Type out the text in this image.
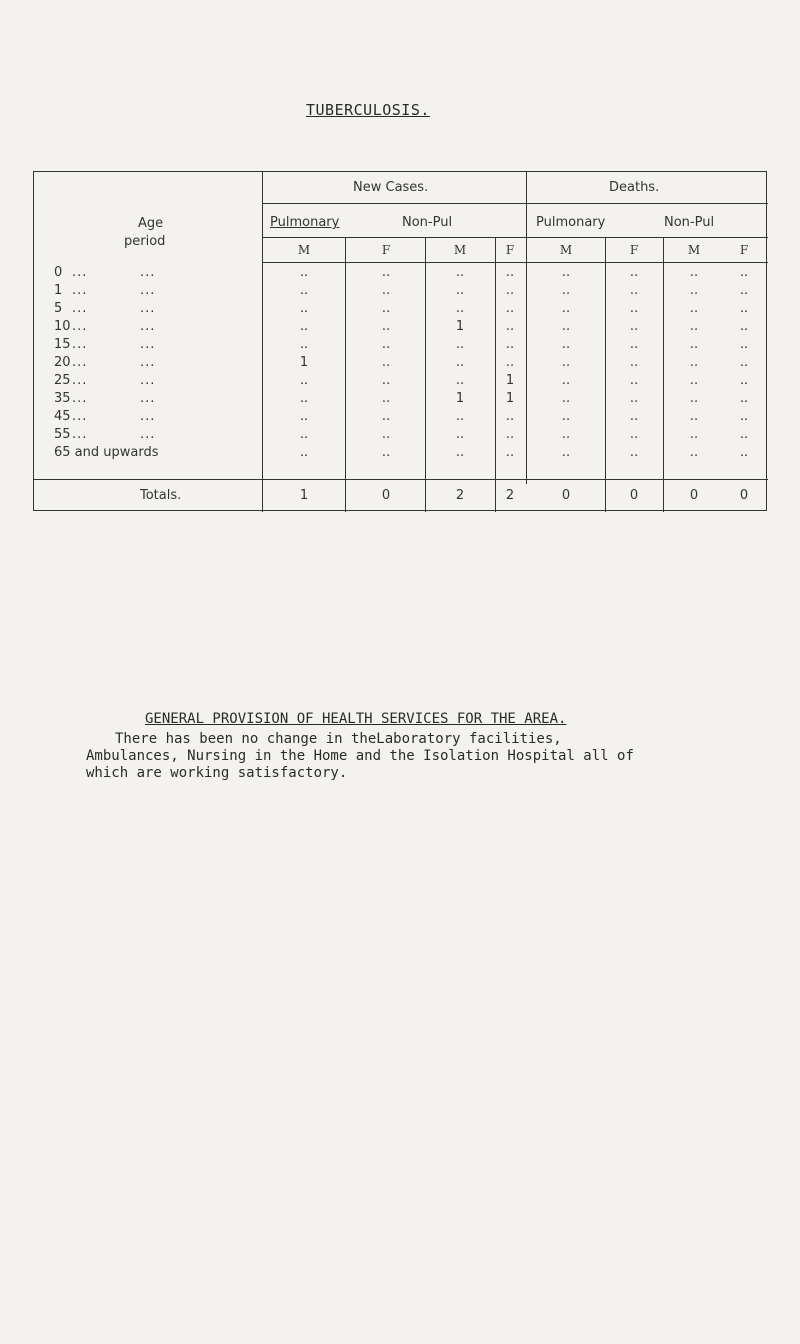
TUBERCULOSIS.
Age
period
New Cases.	Deaths.
Pulmonary	Non-Pul	Pulmonary	Non-Pul
M	F	M	F	M	F	M	F
0 ...	...	..	..	..	..	..	..	..	..
1 ...	...	..	..	..	..	..	..	..	..
5 ...	...	..	..	..	..	..	..	..	..
10 ...	...	..	..	1	..	..	..	..	..
15 ...	...	..	..	..	..	..	..	..	..
20 ...	...	1	..	..	..	..	..	..	..
25 ...	...	..	..	..	1	..	..	..	..
35 ...	...	..	..	1	1	..	..	..	..
45 ...	...	..	..	..	..	..	..	..	..
55 ...	...	..	..	..	..	..	..	..	..
65 and upwards	..	..	..	..	..	..	..	..
Totals.	1	0	2	2	0	0	0	0
GENERAL PROVISION OF HEALTH SERVICES FOR THE AREA.
There has been no change in theLaboratory facilities,
Ambulances, Nursing in the Home and the Isolation Hospital all of
which are working satisfactory.
